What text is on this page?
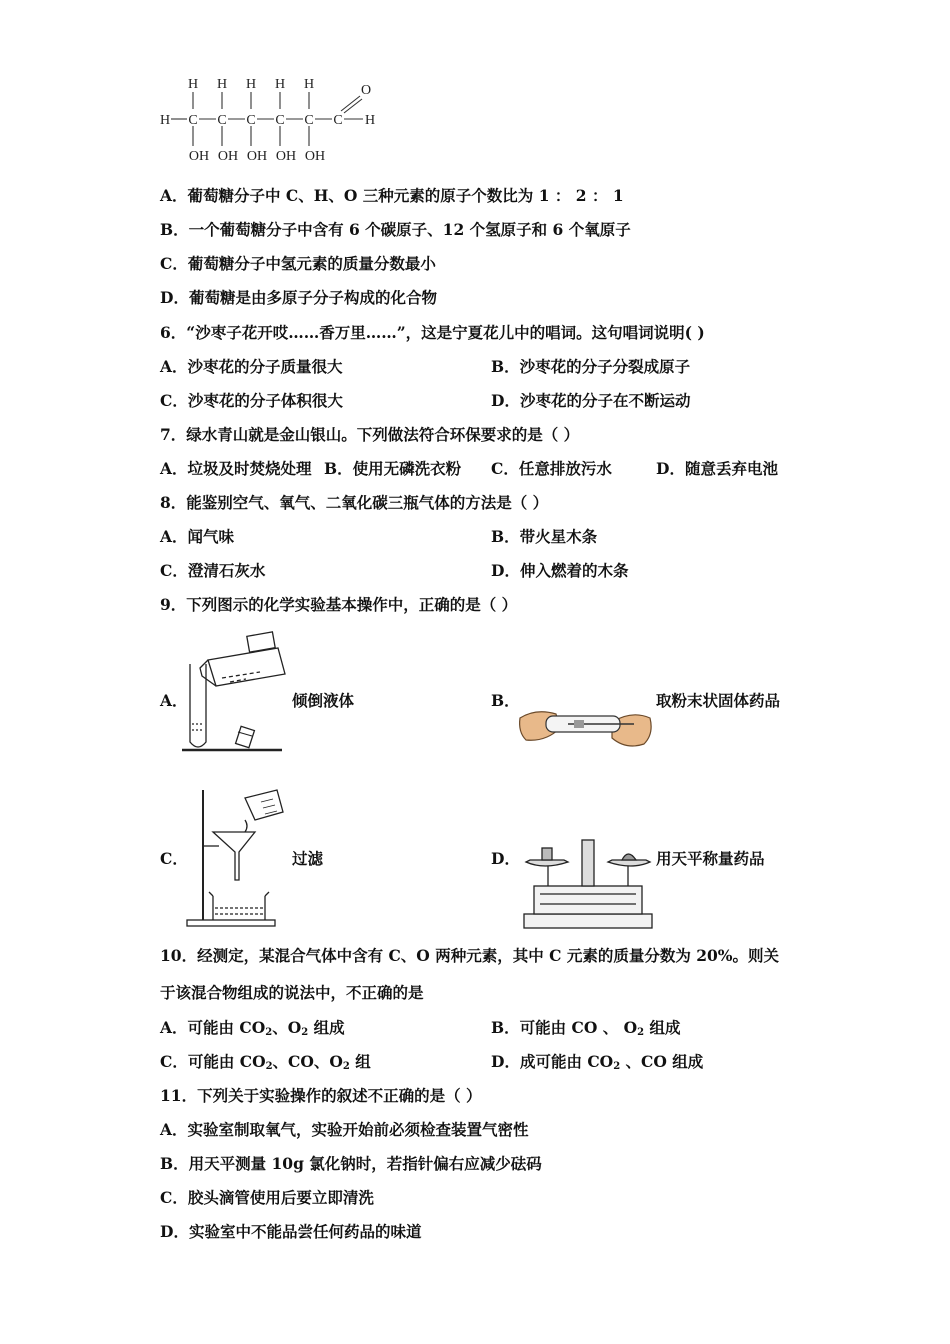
H H H H H
H C C C C C C
O
H
OH OH OH OH OH
A．葡萄糖分子中 C、H、O 三种元素的原子个数比为 1 ： 2 ： 1
B．一个葡萄糖分子中含有 6 个碳原子、12 个氢原子和 6 个氧原子
C．葡萄糖分子中氢元素的质量分数最小
D．葡萄糖是由多原子分子构成的化合物
6．“沙枣子花开哎……香万里……”，这是宁夏花儿中的唱词。这句唱词说明( )
A．沙枣花的分子质量很大	B．沙枣花的分子分裂成原子
C．沙枣花的分子体积很大	D．沙枣花的分子在不断运动
7．绿水青山就是金山银山。下列做法符合环保要求的是（ ）
A．垃圾及时焚烧处理 B．使用无磷洗衣粉 C．任意排放污水	D．随意丢弃电池
8．能鉴别空气、氧气、二氧化碳三瓶气体的方法是（ ）
A．闻气味	B．带火星木条
C．澄清石灰水	D．伸入燃着的木条
9．下列图示的化学实验基本操作中，正确的是（ ）
A．	倾倒液体	B．	取粉末状固体药品
C．	过滤	D．	用天平称量药品
10．经测定，某混合气体中含有 C、O 两种元素，其中 C 元素的质量分数为 20%。则关
于该混合物组成的说法中，不正确的是
A．可能由 $CO_2$、$O_2$ 组成	B．可能由 CO 、 $O_2$ 组成
C．可能由 $CO_2$、CO、$O_2$ 组	D．成可能由 $CO_2$ 、CO 组成
11．下列关于实验操作的叙述不正确的是（ ）
A．实验室制取氧气，实验开始前必须检查装置气密性
B．用天平测量 10g 氯化钠时，若指针偏右应减少砝码
C．胶头滴管使用后要立即清洗
D．实验室中不能品尝任何药品的味道
